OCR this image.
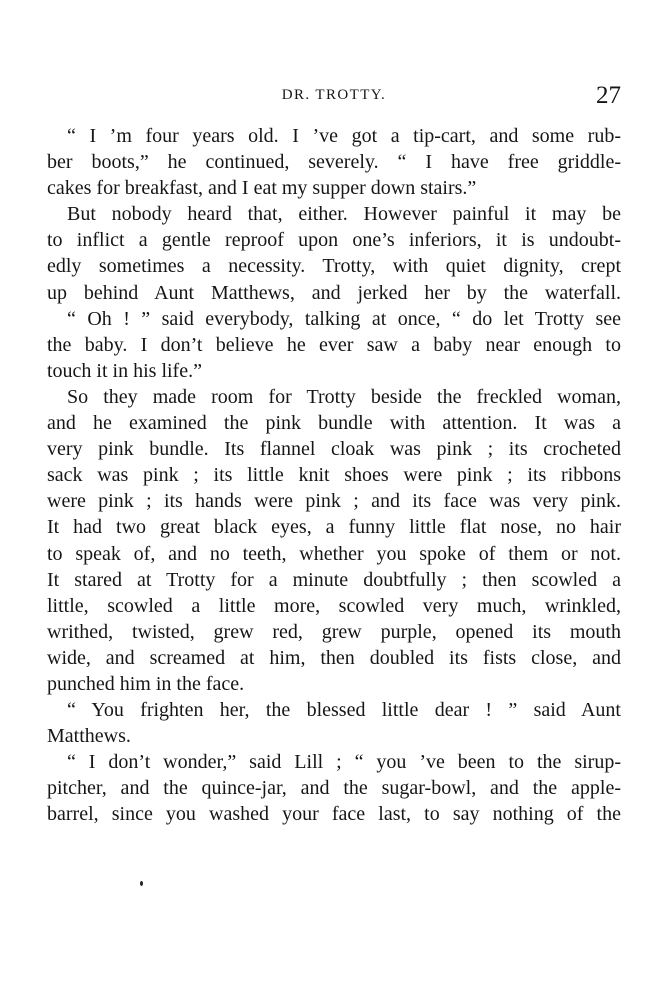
DR. TROTTY.	27
“ I ’m four years old. I ’ve got a tip-cart, and some rub-
ber boots,” he continued, severely. “ I have free griddle-
cakes for breakfast, and I eat my supper down stairs.”
But nobody heard that, either. However painful it may be
to inflict a gentle reproof upon one’s inferiors, it is undoubt-
edly sometimes a necessity. Trotty, with quiet dignity, crept
up behind Aunt Matthews, and jerked her by the waterfall.
“ Oh ! ” said everybody, talking at once, “ do let Trotty see
the baby. I don’t believe he ever saw a baby near enough to
touch it in his life.”
So they made room for Trotty beside the freckled woman,
and he examined the pink bundle with attention. It was a
very pink bundle. Its flannel cloak was pink ; its crocheted
sack was pink ; its little knit shoes were pink ; its ribbons
were pink ; its hands were pink ; and its face was very pink.
It had two great black eyes, a funny little flat nose, no hair
to speak of, and no teeth, whether you spoke of them or not.
It stared at Trotty for a minute doubtfully ; then scowled a
little, scowled a little more, scowled very much, wrinkled,
writhed, twisted, grew red, grew purple, opened its mouth
wide, and screamed at him, then doubled its fists close, and
punched him in the face.
“ You frighten her, the blessed little dear ! ” said Aunt
Matthews.
“ I don’t wonder,” said Lill ; “ you ’ve been to the sirup-
pitcher, and the quince-jar, and the sugar-bowl, and the apple-
barrel, since you washed your face last, to say nothing of the
